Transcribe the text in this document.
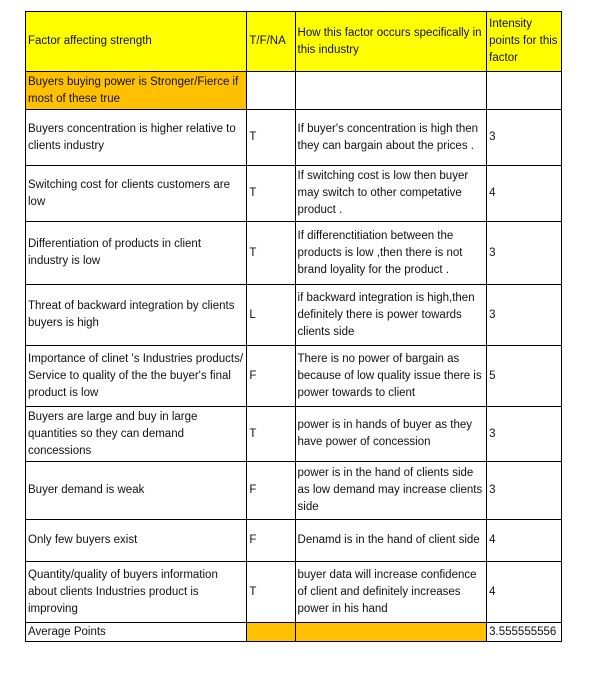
Factor affecting strength	T/F/NA	How this factor occurs specifically in this industry	Intensity points for this factor
Buyers buying power is Stronger/Fierce if most of these true			
Buyers concentration is higher relative to clients industry	T	If buyer's concentration is high then they can bargain about the prices .	3
Switching cost for clients customers are low	T	If switching cost is low then buyer may switch to other competative product .	4
Differentiation of products in client industry is low	T	If differenctitiation between the products is low ,then there is not brand loyality for the product .	3
Threat of backward integration by clients buyers is high	L	if backward integration is high,then definitely there is power towards clients side	3
Importance of clinet 's Industries products/ Service to quality of the the buyer's final product is low	F	There is no power of bargain as because of low quality issue there is power towards to client	5
Buyers are large and buy in large quantities so they can demand concessions	T	power is in hands of buyer as they have power of concession	3
Buyer demand is weak	F	power is in the hand of clients side as low demand may increase clients side	3
Only few buyers exist	F	Denamd is in the hand of client side	4
Quantity/quality of buyers information about clients Industries product is improving	T	buyer data will increase confidence of client and definitely increases power in his hand	4
Average Points			3.555555556
